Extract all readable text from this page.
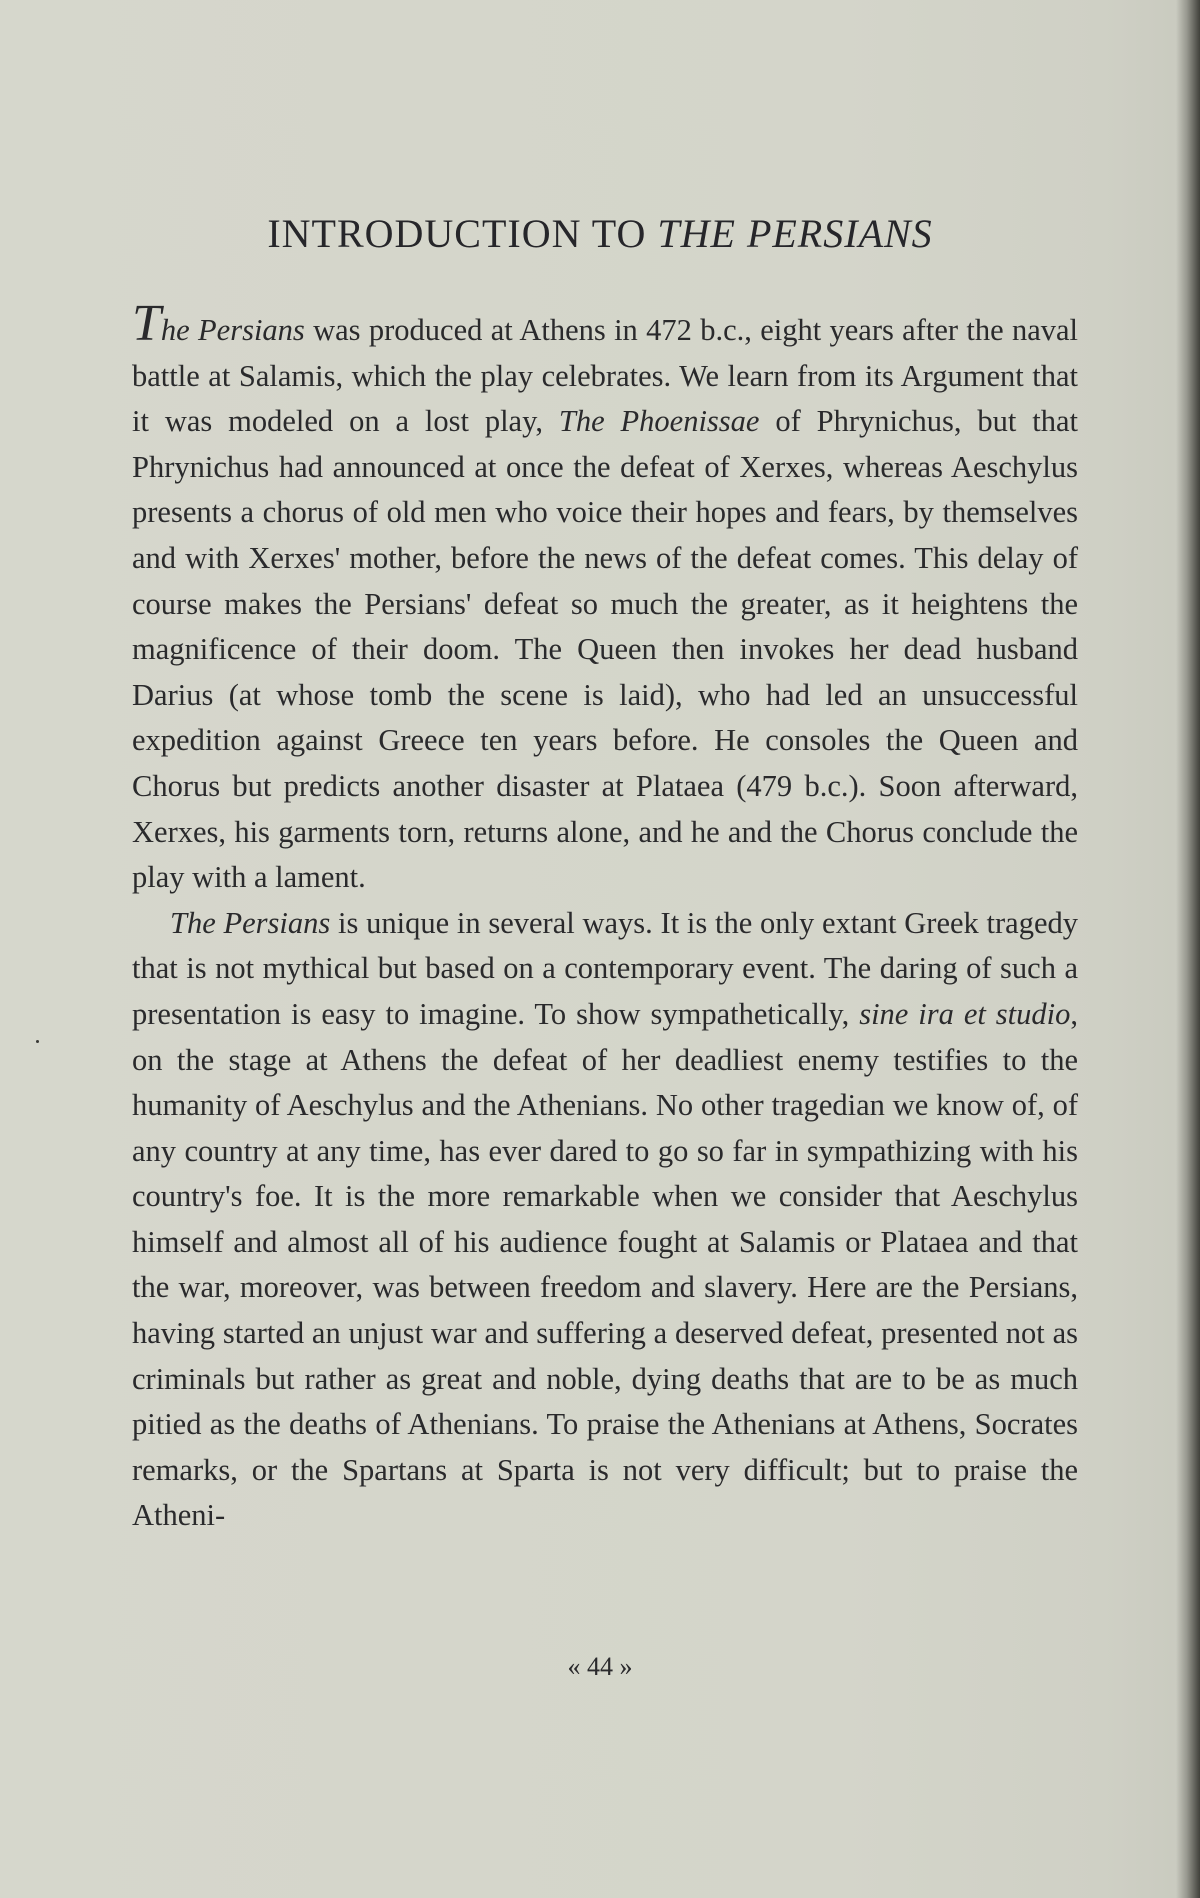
INTRODUCTION TO THE PERSIANS

The Persians was produced at Athens in 472 b.c., eight years after the naval battle at Salamis, which the play celebrates. We learn from its Argument that it was modeled on a lost play, The Phoenissae of Phrynichus, but that Phrynichus had announced at once the defeat of Xerxes, whereas Aeschylus presents a chorus of old men who voice their hopes and fears, by themselves and with Xerxes' mother, before the news of the defeat comes. This delay of course makes the Persians' defeat so much the greater, as it heightens the magnificence of their doom. The Queen then invokes her dead husband Darius (at whose tomb the scene is laid), who had led an unsuccessful expedition against Greece ten years before. He consoles the Queen and Chorus but predicts another disaster at Plataea (479 b.c.). Soon afterward, Xerxes, his garments torn, returns alone, and he and the Chorus conclude the play with a lament.

The Persians is unique in several ways. It is the only extant Greek tragedy that is not mythical but based on a contemporary event. The daring of such a presentation is easy to imagine. To show sympathetically, sine ira et studio, on the stage at Athens the defeat of her deadliest enemy testifies to the humanity of Aeschylus and the Athenians. No other tragedian we know of, of any country at any time, has ever dared to go so far in sympathizing with his country's foe. It is the more remarkable when we consider that Aeschylus himself and almost all of his audience fought at Salamis or Plataea and that the war, moreover, was between freedom and slavery. Here are the Persians, having started an unjust war and suffering a deserved defeat, presented not as criminals but rather as great and noble, dying deaths that are to be as much pitied as the deaths of Athenians. To praise the Athenians at Athens, Socrates remarks, or the Spartans at Sparta is not very difficult; but to praise the Atheni-

« 44 »
